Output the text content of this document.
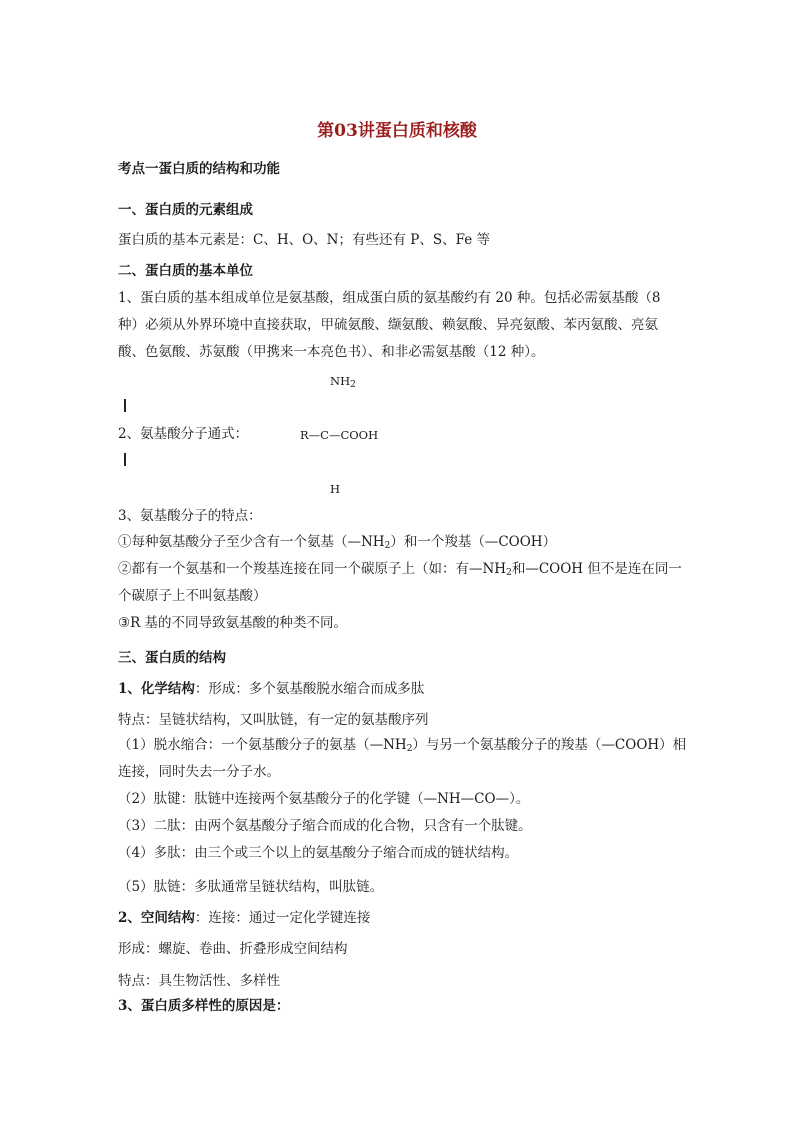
第03讲蛋白质和核酸
考点一蛋白质的结构和功能
一、蛋白质的元素组成
蛋白质的基本元素是：C、H、O、N；有些还有 P、S、Fe 等
二、蛋白质的基本单位
1、蛋白质的基本组成单位是氨基酸，组成蛋白质的氨基酸约有 20 种。包括必需氨基酸（8
种）必须从外界环境中直接获取，甲硫氨酸、缬氨酸、赖氨酸、异亮氨酸、苯丙氨酸、亮氨
酸、色氨酸、苏氨酸（甲携来一本亮色书）、和非必需氨基酸（12 种）。
$NH_2$
2、氨基酸分子通式：	R—C—COOH
H
3、氨基酸分子的特点：
①每种氨基酸分子至少含有一个氨基$(—NH_2)$和一个羧基（—COOH）
②都有一个氨基和一个羧基连接在同一个碳原子上（如：有$—NH_2$和—COOH 但不是连在同一
个碳原子上不叫氨基酸）
③R 基的不同导致氨基酸的种类不同。
三、蛋白质的结构
1、化学结构：形成：多个氨基酸脱水缩合而成多肽
特点：呈链状结构，又叫肽链，有一定的氨基酸序列
（1）脱水缩合：一个氨基酸分子的氨基$(—NH_2)$与另一个氨基酸分子的羧基（—COOH）相
连接，同时失去一分子水。
（2）肽键：肽链中连接两个氨基酸分子的化学键（—NH—CO—）。
（3）二肽：由两个氨基酸分子缩合而成的化合物，只含有一个肽键。
（4）多肽：由三个或三个以上的氨基酸分子缩合而成的链状结构。
（5）肽链：多肽通常呈链状结构，叫肽链。
2、空间结构：连接：通过一定化学键连接
形成：螺旋、卷曲、折叠形成空间结构
特点：具生物活性、多样性
3、蛋白质多样性的原因是：
